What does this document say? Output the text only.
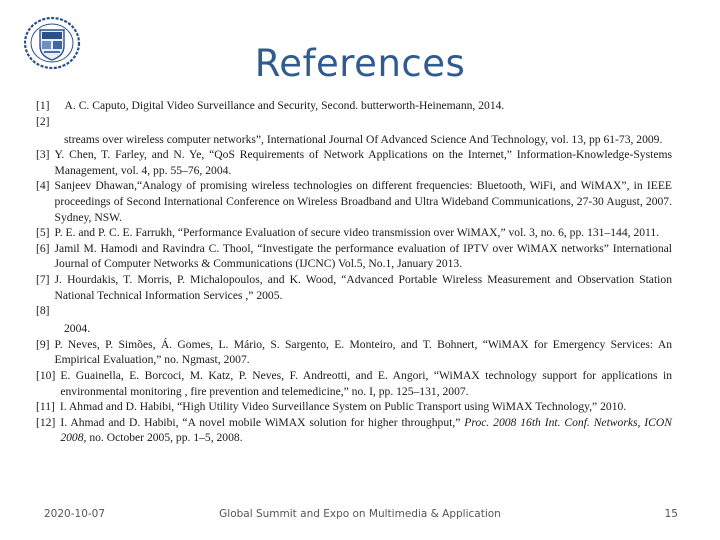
References
[1]	A. C. Caputo, Digital Video Surveillance and Security, Second. butterworth-Heinemann, 2014.
[2]
streams over wireless computer networks”, International Journal Of Advanced Science And Technology, vol. 13, pp 61-73, 2009.
[3] Y. Chen, T. Farley, and N. Ye, “QoS Requirements of Network Applications on the Internet,” Information-Knowledge-Systems Management, vol. 4, pp. 55–76, 2004.
[4] Sanjeev Dhawan,“Analogy of promising wireless technologies on different frequencies: Bluetooth, WiFi, and WiMAX”, in IEEE proceedings of Second International Conference on Wireless Broadband and Ultra Wideband Communications, 27-30 August, 2007. Sydney, NSW.
[5] P. E. and P. C. E. Farrukh, “Performance Evaluation of secure video transmission over WiMAX,” vol. 3, no. 6, pp. 131–144, 2011.
[6] Jamil M. Hamodi and Ravindra C. Thool, “Investigate the performance evaluation of IPTV over WiMAX networks” International Journal of Computer Networks & Communications (IJCNC) Vol.5, No.1, January 2013.
[7] J. Hourdakis, T. Morris, P. Michalopoulos, and K. Wood, “Advanced Portable Wireless Measurement and Observation Station National Technical Information Services ,” 2005.
[8]
2004.
[9] P. Neves, P. Simões, Á. Gomes, L. Mário, S. Sargento, E. Monteiro, and T. Bohnert, “WiMAX for Emergency Services: An Empirical Evaluation,” no. Ngmast, 2007.
[10] E. Guainella, E. Borcoci, M. Katz, P. Neves, F. Andreotti, and E. Angori, “WiMAX technology support for applications in environmental monitoring , fire prevention and telemedicine,” no. I, pp. 125–131, 2007.
[11] I. Ahmad and D. Habibi, “High Utility Video Surveillance System on Public Transport using WiMAX Technology,” 2010.
[12] I. Ahmad and D. Habibi, “A novel mobile WiMAX solution for higher throughput,” Proc. 2008 16th Int. Conf. Networks, ICON 2008, no. October 2005, pp. 1–5, 2008.
2020-10-07	Global Summit and Expo on Multimedia & Application	15
